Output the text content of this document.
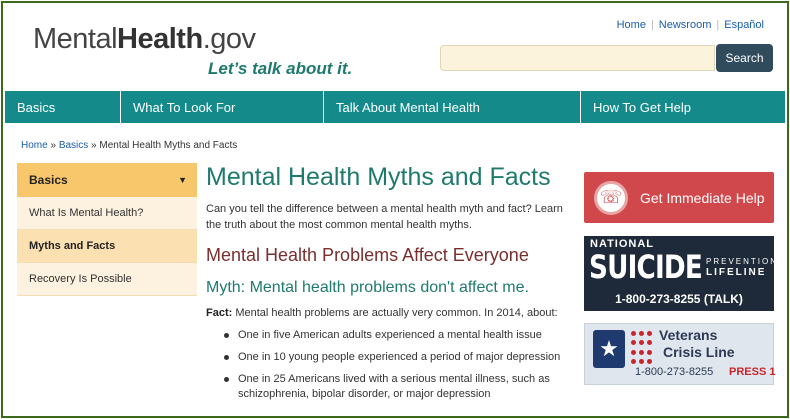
MentalHealth.gov
Let’s talk about it.
Home | Newsroom | Español
Search
Basics	What To Look For	Talk About Mental Health	How To Get Help
Home » Basics » Mental Health Myths and Facts
Basics	▼
What Is Mental Health?
Myths and Facts
Recovery Is Possible
Mental Health Myths and Facts

Can you tell the difference between a mental health myth and fact? Learn the truth about the most common mental health myths.

Mental Health Problems Affect Everyone
Myth: Mental health problems don't affect me.

Fact: Mental health problems are actually very common. In 2014, about:

One in five American adults experienced a mental health issue
One in 10 young people experienced a period of major depression
One in 25 Americans lived with a serious mental illness, such as schizophrenia, bipolar disorder, or major depression
☏	Get Immediate Help
NATIONAL
SUICIDE PREVENTION
LIFELINE
1-800-273-8255 (TALK)
★
Veterans
Crisis Line
1-800-273-8255 PRESS 1
